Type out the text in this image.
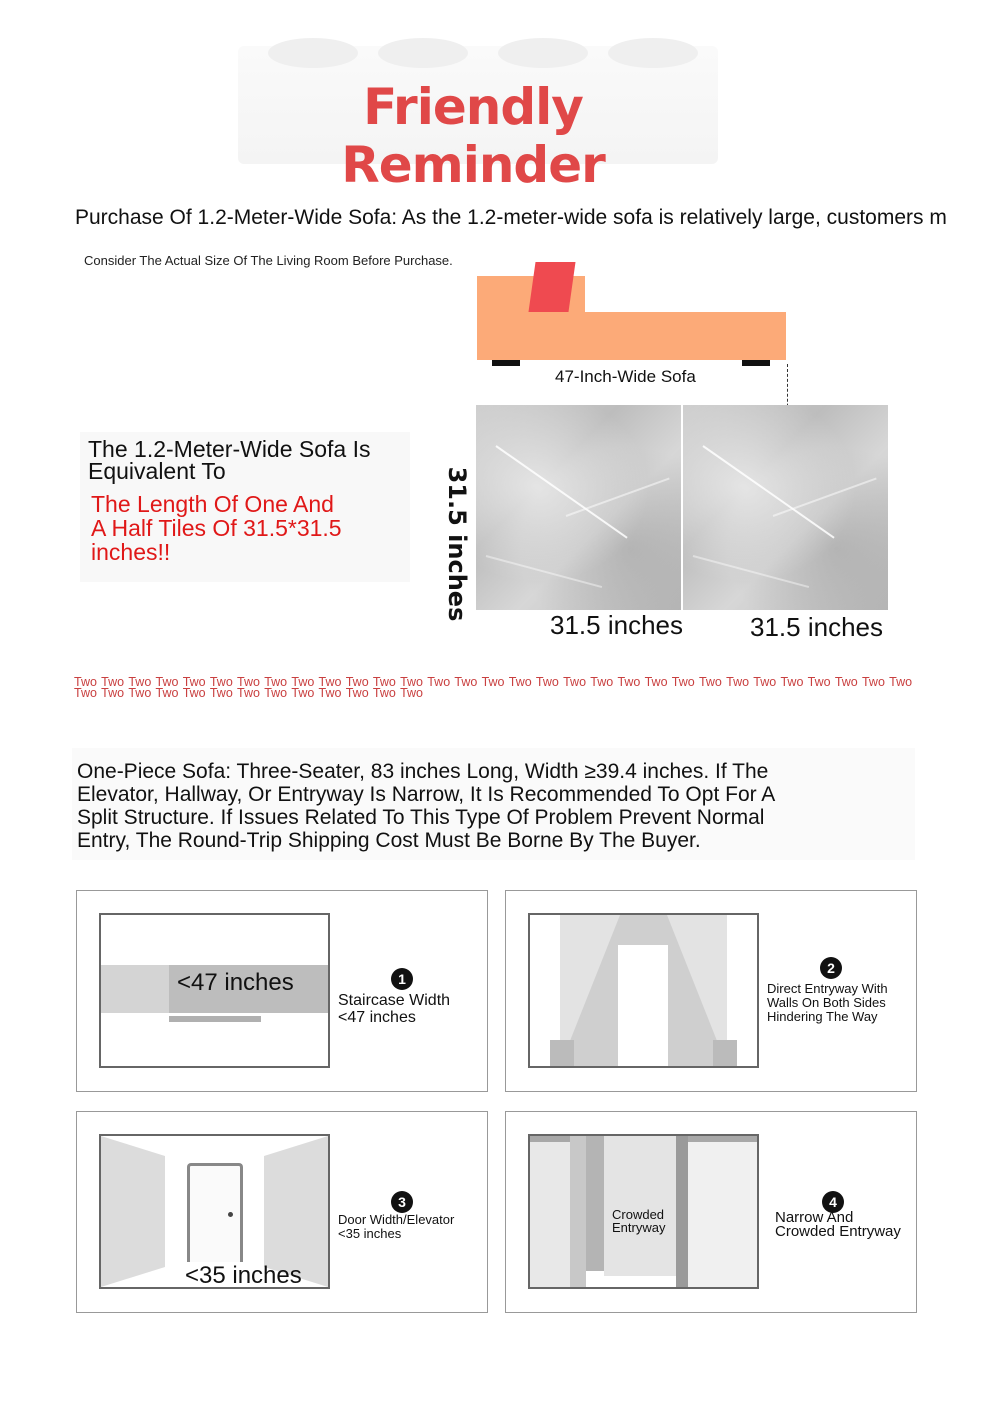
Friendly Reminder
Purchase Of 1.2-Meter-Wide Sofa: As the 1.2-meter-wide sofa is relatively large, customers m
Consider The Actual Size Of The Living Room Before Purchase.
47-Inch-Wide Sofa
31.5 inches
31.5 inches	31.5 inches
The 1.2-Meter-Wide Sofa Is Equivalent To
The Length Of One And A Half Tiles Of 31.5*31.5 inches!!
Two Two Two Two Two Two Two Two Two Two Two Two Two Two Two Two Two Two Two Two Two Two Two Two Two Two Two Two Two Two Two Two Two Two Two Two Two Two Two Two Two Two Two Two
One-Piece Sofa: Three-Seater, 83 inches Long, Width ≥39.4 inches. If The Elevator, Hallway, Or Entryway Is Narrow, It Is Recommended To Opt For A Split Structure. If Issues Related To This Type Of Problem Prevent Normal Entry, The Round-Trip Shipping Cost Must Be Borne By The Buyer.
<47 inches	1
Staircase Width <47 inches
2
Direct Entryway With Walls On Both Sides Hindering The Way
<35 inches
3
Door Width/Elevator <35 inches
Crowded Entryway
4
Narrow And Crowded Entryway
